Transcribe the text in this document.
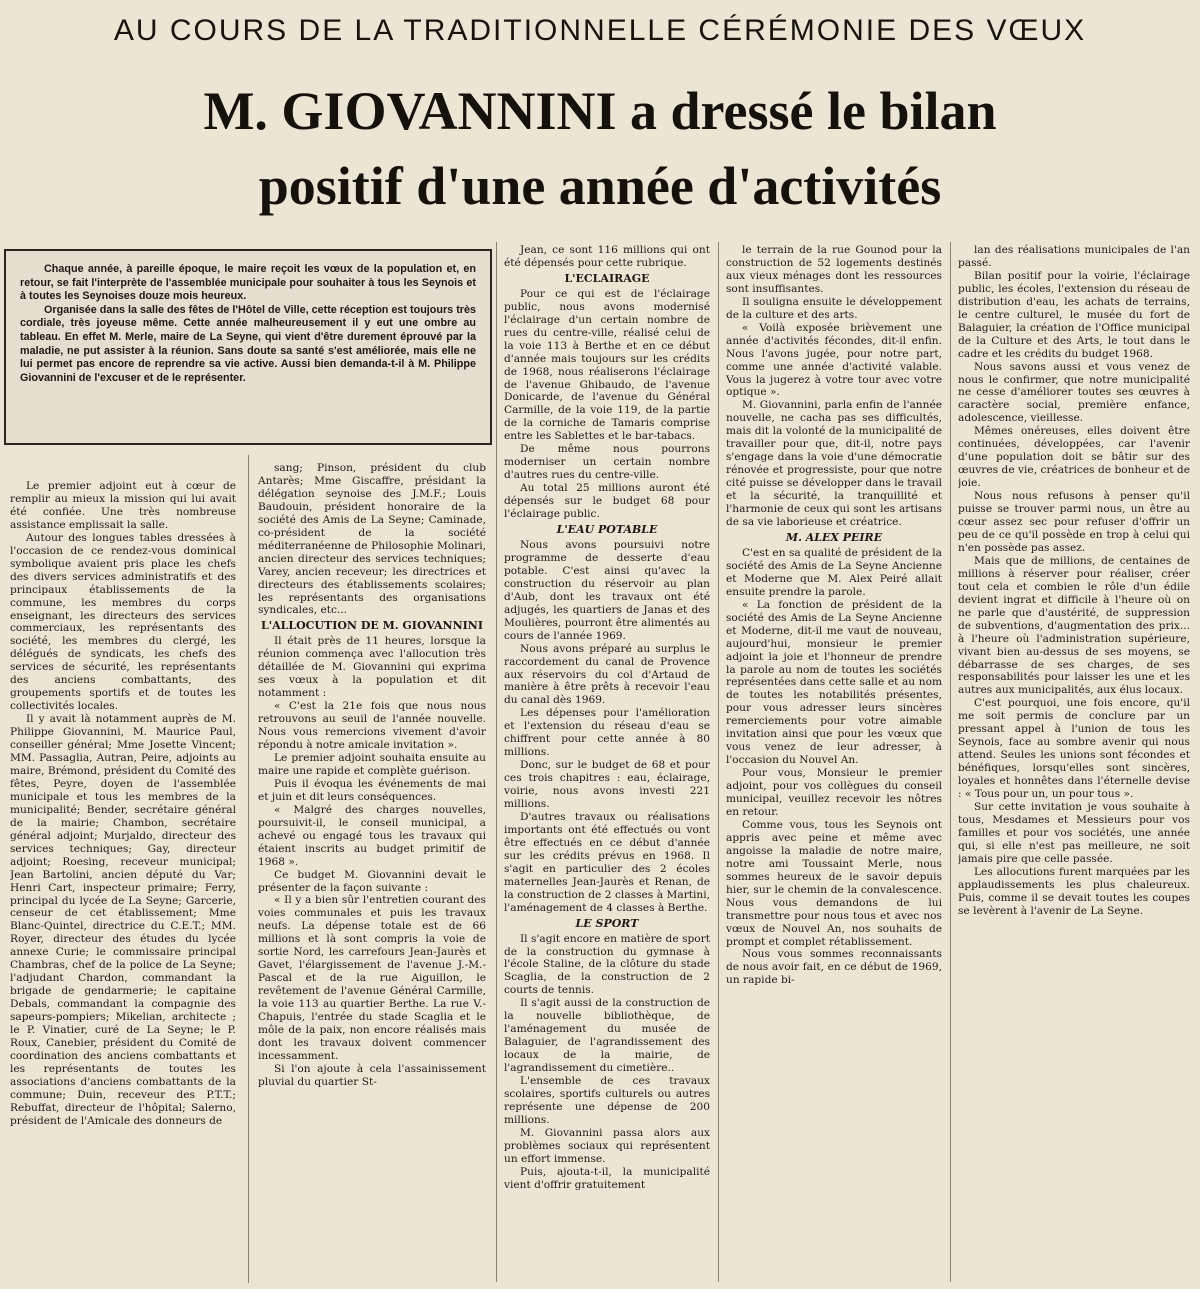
AU COURS DE LA TRADITIONNELLE CÉRÉMONIE DES VŒUX
M. GIOVANNINI a dressé le bilan
positif d'une année d'activités

Chaque année, à pareille époque, le maire reçoit les vœux de la population et, en retour, se fait l'interprète de l'assemblée municipale pour souhaiter à tous les Seynois et à toutes les Seynoises douze mois heureux.

Organisée dans la salle des fêtes de l'Hôtel de Ville, cette réception est toujours très cordiale, très joyeuse même. Cette année malheureusement il y eut une ombre au tableau. En effet M. Merle, maire de La Seyne, qui vient d'être durement éprouvé par la maladie, ne put assister à la réunion. Sans doute sa santé s'est améliorée, mais elle ne lui permet pas encore de reprendre sa vie active. Aussi bien demanda-t-il à M. Philippe Giovannini de l'excuser et de le représenter.

Le premier adjoint eut à cœur de remplir au mieux la mission qui lui avait été confiée. Une très nombreuse assistance emplissait la salle.

Autour des longues tables dressées à l'occasion de ce rendez-vous dominical symbolique avaient pris place les chefs des divers services administratifs et des principaux établissements de la commune, les membres du corps enseignant, les directeurs des services commerciaux, les représentants des société, les membres du clergé, les délégués de syndicats, les chefs des services de sécurité, les représentants des anciens combattants, des groupements sportifs et de toutes les collectivités locales.

Il y avait là notamment auprès de M. Philippe Giovannini, M. Maurice Paul, conseiller général; Mme Josette Vincent; MM. Passaglia, Autran, Peire, adjoints au maire, Brémond, président du Comité des fêtes, Peyre, doyen de l'assemblée municipale et tous les membres de la municipalité; Bender, secrétaire général de la mairie; Chambon, secrétaire général adjoint; Murjaldo, directeur des services techniques; Gay, directeur adjoint; Roesing, receveur municipal; Jean Bartolini, ancien député du Var; Henri Cart, inspecteur primaire; Ferry, principal du lycée de La Seyne; Garcerie, censeur de cet établissement; Mme Blanc-Quintel, directrice du C.E.T.; MM. Royer, directeur des études du lycée annexe Curie; le commissaire principal Chambras, chef de la police de La Seyne; l'adjudant Chardon, commandant la brigade de gendarmerie; le capitaine Debals, commandant la compagnie des sapeurs-pompiers; Mikelian, architecte ; le P. Vinatier, curé de La Seyne; le P. Roux, Canebier, président du Comité de coordination des anciens combattants et les représentants de toutes les associations d'anciens combattants de la commune; Duin, receveur des P.T.T.; Rebuffat, directeur de l'hôpital; Salerno, président de l'Amicale des donneurs de

sang; Pinson, président du club Antarès; Mme Giscaffre, présidant la délégation seynoise des J.M.F.; Louis Baudouin, président honoraire de la société des Amis de La Seyne; Caminade, co-président de la société méditerranéenne de Philosophie Molinari, ancien directeur des services techniques; Varey, ancien receveur; les directrices et directeurs des établissements scolaires; les représentants des organisations syndicales, etc...

L'ALLOCUTION DE M. GIOVANNINI

Il était près de 11 heures, lorsque la réunion commença avec l'allocution très détaillée de M. Giovannini qui exprima ses vœux à la population et dit notamment :

« C'est la 21e fois que nous nous retrouvons au seuil de l'année nouvelle. Nous vous remercions vivement d'avoir répondu à notre amicale invitation ».

Le premier adjoint souhaita ensuite au maire une rapide et complète guérison.

Puis il évoqua les événements de mai et juin et dit leurs conséquences.

« Malgré des charges nouvelles, poursuivit-il, le conseil municipal, a achevé ou engagé tous les travaux qui étaient inscrits au budget primitif de 1968 ».

Ce budget M. Giovannini devait le présenter de la façon suivante :

« Il y a bien sûr l'entretien courant des voies communales et puis les travaux neufs. La dépense totale est de 66 millions et là sont compris la voie de sortie Nord, les carrefours Jean-Jaurès et Gavet, l'élargissement de l'avenue J.-M.-Pascal et de la rue Aiguillon, le revêtement de l'avenue Général Carmille, la voie 113 au quartier Berthe. La rue V.-Chapuis, l'entrée du stade Scaglia et le môle de la paix, non encore réalisés mais dont les travaux doivent commencer incessamment.

Si l'on ajoute à cela l'assainissement pluvial du quartier St-

Jean, ce sont 116 millions qui ont été dépensés pour cette rubrique.

L'ECLAIRAGE

Pour ce qui est de l'éclairage public, nous avons modernisé l'éclairage d'un certain nombre de rues du centre-ville, réalisé celui de la voie 113 à Berthe et en ce début d'année mais toujours sur les crédits de 1968, nous réaliserons l'éclairage de l'avenue Ghibaudo, de l'avenue Donicarde, de l'avenue du Général Carmille, de la voie 119, de la partie de la corniche de Tamaris comprise entre les Sablettes et le bar-tabacs.

De même nous pourrons moderniser un certain nombre d'autres rues du centre-ville.

Au total 25 millions auront été dépensés sur le budget 68 pour l'éclairage public.

L'EAU POTABLE

Nous avons poursuivi notre programme de desserte d'eau potable. C'est ainsi qu'avec la construction du réservoir au plan d'Aub, dont les travaux ont été adjugés, les quartiers de Janas et des Moulières, pourront être alimentés au cours de l'année 1969.

Nous avons préparé au surplus le raccordement du canal de Provence aux réservoirs du col d'Artaud de manière à être prêts à recevoir l'eau du canal dès 1969.

Les dépenses pour l'amélioration et l'extension du réseau d'eau se chiffrent pour cette année à 80 millions.

Donc, sur le budget de 68 et pour ces trois chapitres : eau, éclairage, voirie, nous avons investi 221 millions.

D'autres travaux ou réalisations importants ont été effectués ou vont être effectués en ce début d'année sur les crédits prévus en 1968. Il s'agit en particulier des 2 écoles maternelles Jean-Jaurès et Renan, de la construction de 2 classes à Martini, l'aménagement de 4 classes à Berthe.

LE SPORT

Il s'agit encore en matière de sport de la construction du gymnase à l'école Staline, de la clôture du stade Scaglia, de la construction de 2 courts de tennis.

Il s'agit aussi de la construction de la nouvelle bibliothèque, de l'aménagement du musée de Balaguier, de l'agrandissement des locaux de la mairie, de l'agrandissement du cimetière..

L'ensemble de ces travaux scolaires, sportifs culturels ou autres représente une dépense de 200 millions.

M. Giovannini passa alors aux problèmes sociaux qui représentent un effort immense.

Puis, ajouta-t-il, la municipalité vient d'offrir gratuitement

le terrain de la rue Gounod pour la construction de 52 logements destinés aux vieux ménages dont les ressources sont insuffisantes.

Il souligna ensuite le développement de la culture et des arts.

« Voilà exposée brièvement une année d'activités fécondes, dit-il enfin. Nous l'avons jugée, pour notre part, comme une année d'activité valable. Vous la jugerez à votre tour avec votre optique ».

M. Giovannini, parla enfin de l'année nouvelle, ne cacha pas ses difficultés, mais dit la volonté de la municipalité de travailler pour que, dit-il, notre pays s'engage dans la voie d'une démocratie rénovée et progressiste, pour que notre cité puisse se développer dans le travail et la sécurité, la tranquillité et l'harmonie de ceux qui sont les artisans de sa vie laborieuse et créatrice.

M. ALEX PEIRE

C'est en sa qualité de président de la société des Amis de La Seyne Ancienne et Moderne que M. Alex Peiré allait ensuite prendre la parole.

« La fonction de président de la société des Amis de La Seyne Ancienne et Moderne, dit-il me vaut de nouveau, aujourd'hui, monsieur le premier adjoint la joie et l'honneur de prendre la parole au nom de toutes les sociétés représentées dans cette salle et au nom de toutes les notabilités présentes, pour vous adresser leurs sincères remerciements pour votre aimable invitation ainsi que pour les vœux que vous venez de leur adresser, à l'occasion du Nouvel An.

Pour vous, Monsieur le premier adjoint, pour vos collègues du conseil municipal, veuillez recevoir les nôtres en retour.

Comme vous, tous les Seynois ont appris avec peine et même avec angoisse la maladie de notre maire, notre ami Toussaint Merle, nous sommes heureux de le savoir depuis hier, sur le chemin de la convalescence. Nous vous demandons de lui transmettre pour nous tous et avec nos vœux de Nouvel An, nos souhaits de prompt et complet rétablissement.

Nous vous sommes reconnaissants de nous avoir fait, en ce début de 1969, un rapide bi-

lan des réalisations municipales de l'an passé.

Bilan positif pour la voirie, l'éclairage public, les écoles, l'extension du réseau de distribution d'eau, les achats de terrains, le centre culturel, le musée du fort de Balaguier, la création de l'Office municipal de la Culture et des Arts, le tout dans le cadre et les crédits du budget 1968.

Nous savons aussi et vous venez de nous le confirmer, que notre municipalité ne cesse d'améliorer toutes ses œuvres à caractère social, première enfance, adolescence, vieillesse.

Mêmes onéreuses, elles doivent être continuées, développées, car l'avenir d'une population doit se bâtir sur des œuvres de vie, créatrices de bonheur et de joie.

Nous nous refusons à penser qu'il puisse se trouver parmi nous, un être au cœur assez sec pour refuser d'offrir un peu de ce qu'il possède en trop à celui qui n'en possède pas assez.

Mais que de millions, de centaines de millions à réserver pour réaliser, créer tout cela et combien le rôle d'un édile devient ingrat et difficile à l'heure où on ne parle que d'austérité, de suppression de subventions, d'augmentation des prix... à l'heure où l'administration supérieure, vivant bien au-dessus de ses moyens, se débarrasse de ses charges, de ses responsabilités pour laisser les une et les autres aux municipalités, aux élus locaux.

C'est pourquoi, une fois encore, qu'il me soit permis de conclure par un pressant appel à l'union de tous les Seynois, face au sombre avenir qui nous attend. Seules les unions sont fécondes et bénéfiques, lorsqu'elles sont sincères, loyales et honnêtes dans l'éternelle devise : « Tous pour un, un pour tous ».

Sur cette invitation je vous souhaite à tous, Mesdames et Messieurs pour vos familles et pour vos sociétés, une année qui, si elle n'est pas meilleure, ne soit jamais pire que celle passée.

Les allocutions furent marquées par les applaudissements les plus chaleureux. Puis, comme il se devait toutes les coupes se levèrent à l'avenir de La Seyne.
